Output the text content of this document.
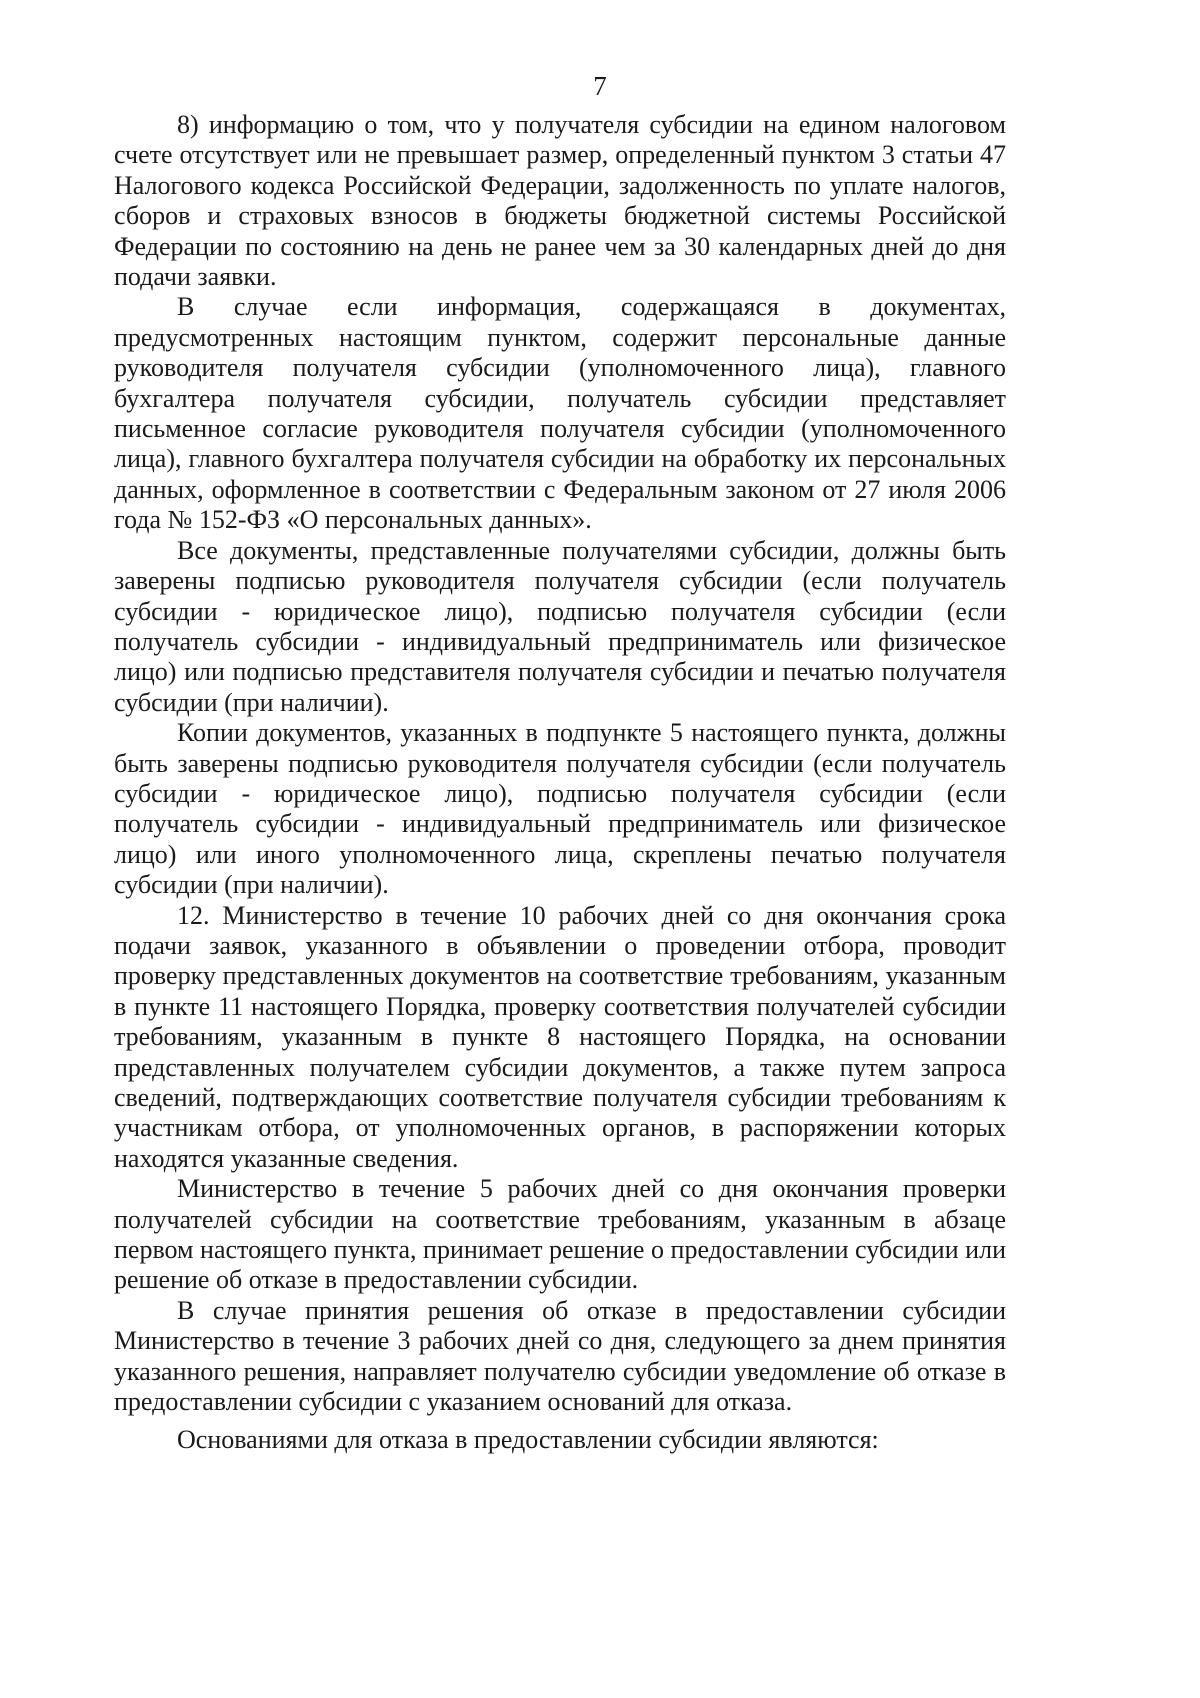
7

8) информацию о том, что у получателя субсидии на едином налоговом счете отсутствует или не превышает размер, определенный пунктом 3 статьи 47 Налогового кодекса Российской Федерации, задолженность по уплате налогов, сборов и страховых взносов в бюджеты бюджетной системы Российской Федерации по состоянию на день не ранее чем за 30 календарных дней до дня подачи заявки.

В случае если информация, содержащаяся в документах, предусмотренных настоящим пунктом, содержит персональные данные руководителя получателя субсидии (уполномоченного лица), главного бухгалтера получателя субсидии, получатель субсидии представляет письменное согласие руководителя получателя субсидии (уполномоченного лица), главного бухгалтера получателя субсидии на обработку их персональных данных, оформленное в соответствии с Федеральным законом от 27 июля 2006 года № 152-ФЗ «О персональных данных».

Все документы, представленные получателями субсидии, должны быть заверены подписью руководителя получателя субсидии (если получатель субсидии - юридическое лицо), подписью получателя субсидии (если получатель субсидии - индивидуальный предприниматель или физическое лицо) или подписью представителя получателя субсидии и печатью получателя субсидии (при наличии).

Копии документов, указанных в подпункте 5 настоящего пункта, должны быть заверены подписью руководителя получателя субсидии (если получатель субсидии - юридическое лицо), подписью получателя субсидии (если получатель субсидии - индивидуальный предприниматель или физическое лицо) или иного уполномоченного лица, скреплены печатью получателя субсидии (при наличии).

12. Министерство в течение 10 рабочих дней со дня окончания срока подачи заявок, указанного в объявлении о проведении отбора, проводит проверку представленных документов на соответствие требованиям, указанным в пункте 11 настоящего Порядка, проверку соответствия получателей субсидии требованиям, указанным в пункте 8 настоящего Порядка, на основании представленных получателем субсидии документов, а также путем запроса сведений, подтверждающих соответствие получателя субсидии требованиям к участникам отбора, от уполномоченных органов, в распоряжении которых находятся указанные сведения.

Министерство в течение 5 рабочих дней со дня окончания проверки получателей субсидии на соответствие требованиям, указанным в абзаце первом настоящего пункта, принимает решение о предоставлении субсидии или решение об отказе в предоставлении субсидии.

В случае принятия решения об отказе в предоставлении субсидии Министерство в течение 3 рабочих дней со дня, следующего за днем принятия указанного решения, направляет получателю субсидии уведомление об отказе в предоставлении субсидии с указанием оснований для отказа.

Основаниями для отказа в предоставлении субсидии являются:
